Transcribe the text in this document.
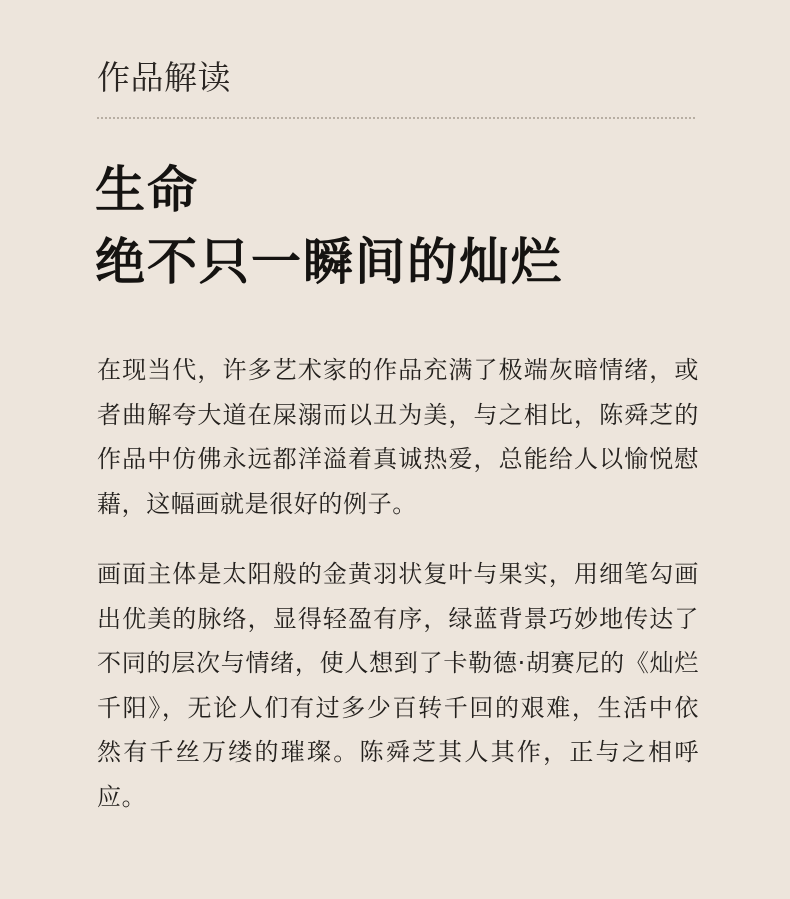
作品解读
生命
绝不只一瞬间的灿烂

在现当代，许多艺术家的作品充满了极端灰暗情绪，或者曲解夸大道在屎溺而以丑为美，与之相比，陈舜芝的作品中仿佛永远都洋溢着真诚热爱，总能给人以愉悦慰藉，这幅画就是很好的例子。

画面主体是太阳般的金黄羽状复叶与果实，用细笔勾画出优美的脉络，显得轻盈有序，绿蓝背景巧妙地传达了不同的层次与情绪，使人想到了卡勒德·胡赛尼的《灿烂千阳》，无论人们有过多少百转千回的艰难，生活中依然有千丝万缕的璀璨。陈舜芝其人其作，正与之相呼应。
